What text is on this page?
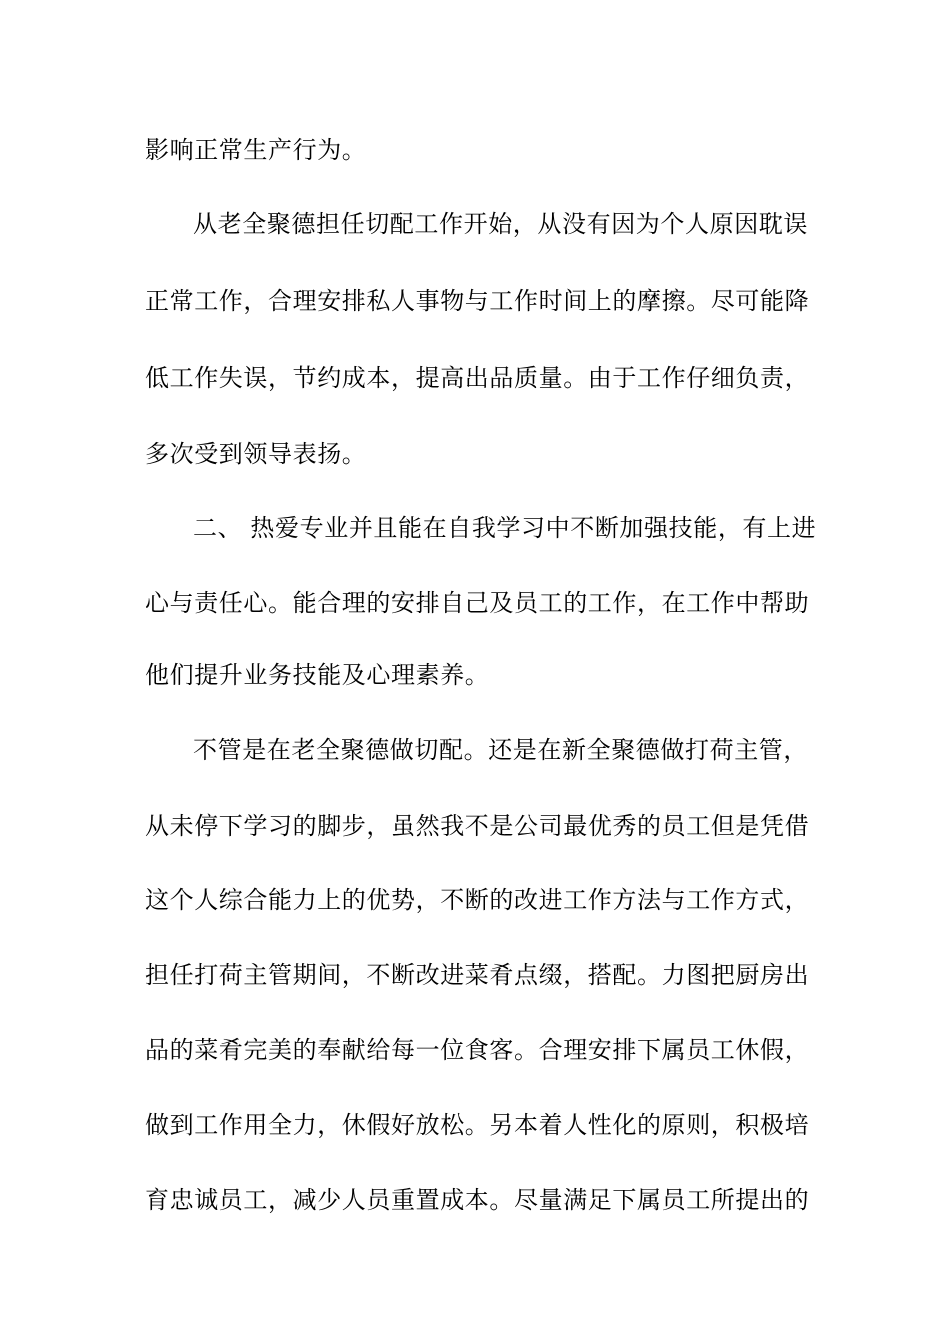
影响正常生产行为。
从老全聚德担任切配工作开始，从没有因为个人原因耽误
正常工作，合理安排私人事物与工作时间上的摩擦。尽可能降
低工作失误，节约成本，提高出品质量。由于工作仔细负责，
多次受到领导表扬。
二、 热爱专业并且能在自我学习中不断加强技能，有上进
心与责任心。能合理的安排自己及员工的工作，在工作中帮助
他们提升业务技能及心理素养。
不管是在老全聚德做切配。还是在新全聚德做打荷主管，
从未停下学习的脚步，虽然我不是公司最优秀的员工但是凭借
这个人综合能力上的优势，不断的改进工作方法与工作方式，
担任打荷主管期间，不断改进菜肴点缀，搭配。力图把厨房出
品的菜肴完美的奉献给每一位食客。合理安排下属员工休假，
做到工作用全力，休假好放松。另本着人性化的原则，积极培
育忠诚员工，减少人员重置成本。尽量满足下属员工所提出的
